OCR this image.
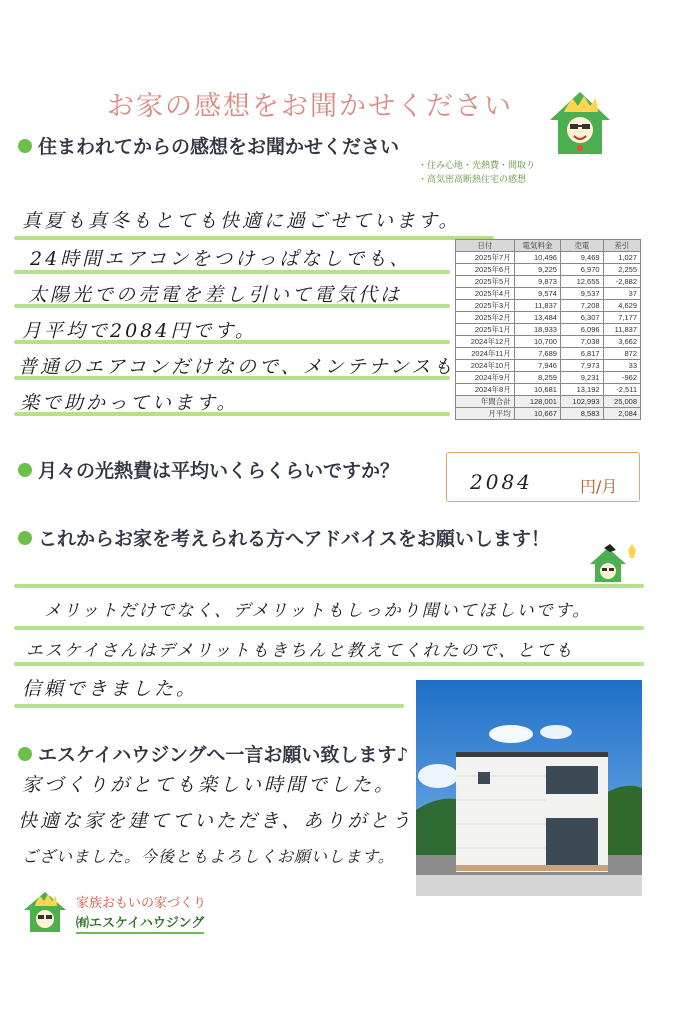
お家の感想をお聞かせください
住まわれてからの感想をお聞かせください
・住み心地・光熱費・間取り
・高気密高断熱住宅の感想
真夏も真冬もとても快適に過ごせています。
24時間エアコンをつけっぱなしでも、
太陽光での売電を差し引いて電気代は
月平均で2084円です。
普通のエアコンだけなので、メンテナンスも
楽で助かっています。
日付	電気料金	売電	差引
2025年7月	10,496	9,469	1,027
2025年6月	9,225	6,970	2,255
2025年5月	9,873	12,655	-2,882
2025年4月	9,574	9,537	37
2025年3月	11,837	7,208	4,629
2025年2月	13,484	6,307	7,177
2025年1月	18,933	6,096	11,837
2024年12月	10,700	7,038	3,662
2024年11月	7,689	6,817	872
2024年10月	7,946	7,973	33
2024年9月	8,259	9,231	-962
2024年8月	10,681	13,192	-2,511
年間合計	128,001	102,993	25,008
月平均	10,667	8,583	2,084
月々の光熱費は平均いくらくらいですか？	2084	円/月
これからお家を考えられる方へアドバイスをお願いします！
メリットだけでなく、デメリットもしっかり聞いてほしいです。
エスケイさんはデメリットもきちんと教えてくれたので、とても
信頼できました。
エスケイハウジングへ一言お願い致します♪
家づくりがとても楽しい時間でした。
快適な家を建てていただき、ありがとう
ございました。今後ともよろしくお願いします。
家族おもいの家づくり
㈲エスケイハウジング
